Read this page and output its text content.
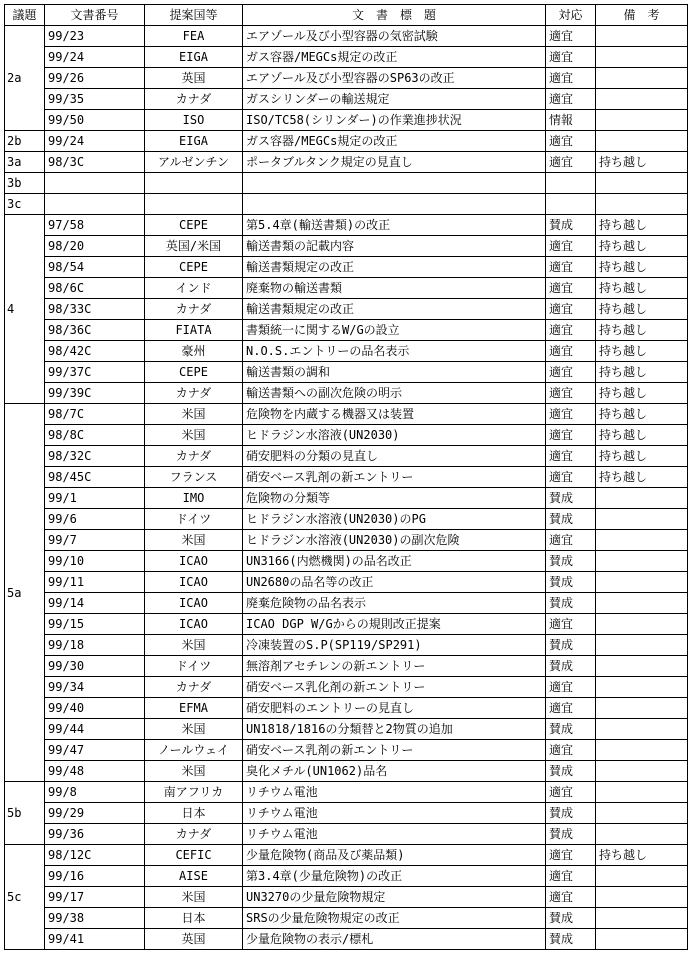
議題	文書番号	提案国等	文　書　標　題	対応	備　考
2a	99/23	FEA	エアゾール及び小型容器の気密試験	適宜	
	99/24	EIGA	ガス容器/MEGCs規定の改正	適宜	
	99/26	英国	エアゾール及び小型容器のSP63の改正	適宜	
	99/35	カナダ	ガスシリンダーの輸送規定	適宜	
	99/50	ISO	ISO/TC58(シリンダー)の作業進捗状況	情報	
2b	99/24	EIGA	ガス容器/MEGCs規定の改正	適宜	
3a	98/3C	アルゼンチン	ポータブルタンク規定の見直し	適宜	持ち越し
3b					
3c					
4	97/58	CEPE	第5.4章(輸送書類)の改正	賛成	持ち越し
	98/20	英国/米国	輸送書類の記載内容	適宜	持ち越し
	98/54	CEPE	輸送書類規定の改正	適宜	持ち越し
	98/6C	インド	廃棄物の輸送書類	適宜	持ち越し
	98/33C	カナダ	輸送書類規定の改正	適宜	持ち越し
	98/36C	FIATA	書類統一に関するW/Gの設立	適宜	持ち越し
	98/42C	豪州	N.O.S.エントリーの品名表示	適宜	持ち越し
	99/37C	CEPE	輸送書類の調和	適宜	持ち越し
	99/39C	カナダ	輸送書類への副次危険の明示	適宜	持ち越し
5a	98/7C	米国	危険物を内蔵する機器又は装置	適宜	持ち越し
	98/8C	米国	ヒドラジン水溶液(UN2030)	適宜	持ち越し
	98/32C	カナダ	硝安肥料の分類の見直し	適宜	持ち越し
	98/45C	フランス	硝安ベース乳剤の新エントリー	適宜	持ち越し
	99/1	IMO	危険物の分類等	賛成	
	99/6	ドイツ	ヒドラジン水溶液(UN2030)のPG	賛成	
	99/7	米国	ヒドラジン水溶液(UN2030)の副次危険	適宜	
	99/10	ICAO	UN3166(内燃機関)の品名改正	賛成	
	99/11	ICAO	UN2680の品名等の改正	賛成	
	99/14	ICAO	廃棄危険物の品名表示	賛成	
	99/15	ICAO	ICAO DGP W/Gからの規則改正提案	適宜	
	99/18	米国	冷凍装置のS.P(SP119/SP291)	賛成	
	99/30	ドイツ	無溶剤アセチレンの新エントリー	賛成	
	99/34	カナダ	硝安ベース乳化剤の新エントリー	適宜	
	99/40	EFMA	硝安肥料のエントリーの見直し	適宜	
	99/44	米国	UN1818/1816の分類替と2物質の追加	賛成	
	99/47	ノールウェイ	硝安ベース乳剤の新エントリー	適宜	
	99/48	米国	臭化メチル(UN1062)品名	賛成	
5b	99/8	南アフリカ	リチウム電池	適宜	
	99/29	日本	リチウム電池	賛成	
	99/36	カナダ	リチウム電池	賛成	
5c	98/12C	CEFIC	少量危険物(商品及び薬品類)	適宜	持ち越し
	99/16	AISE	第3.4章(少量危険物)の改正	適宜	
	99/17	米国	UN3270の少量危険物規定	適宜	
	99/38	日本	SRSの少量危険物規定の改正	賛成	
	99/41	英国	少量危険物の表示/標札	賛成	
